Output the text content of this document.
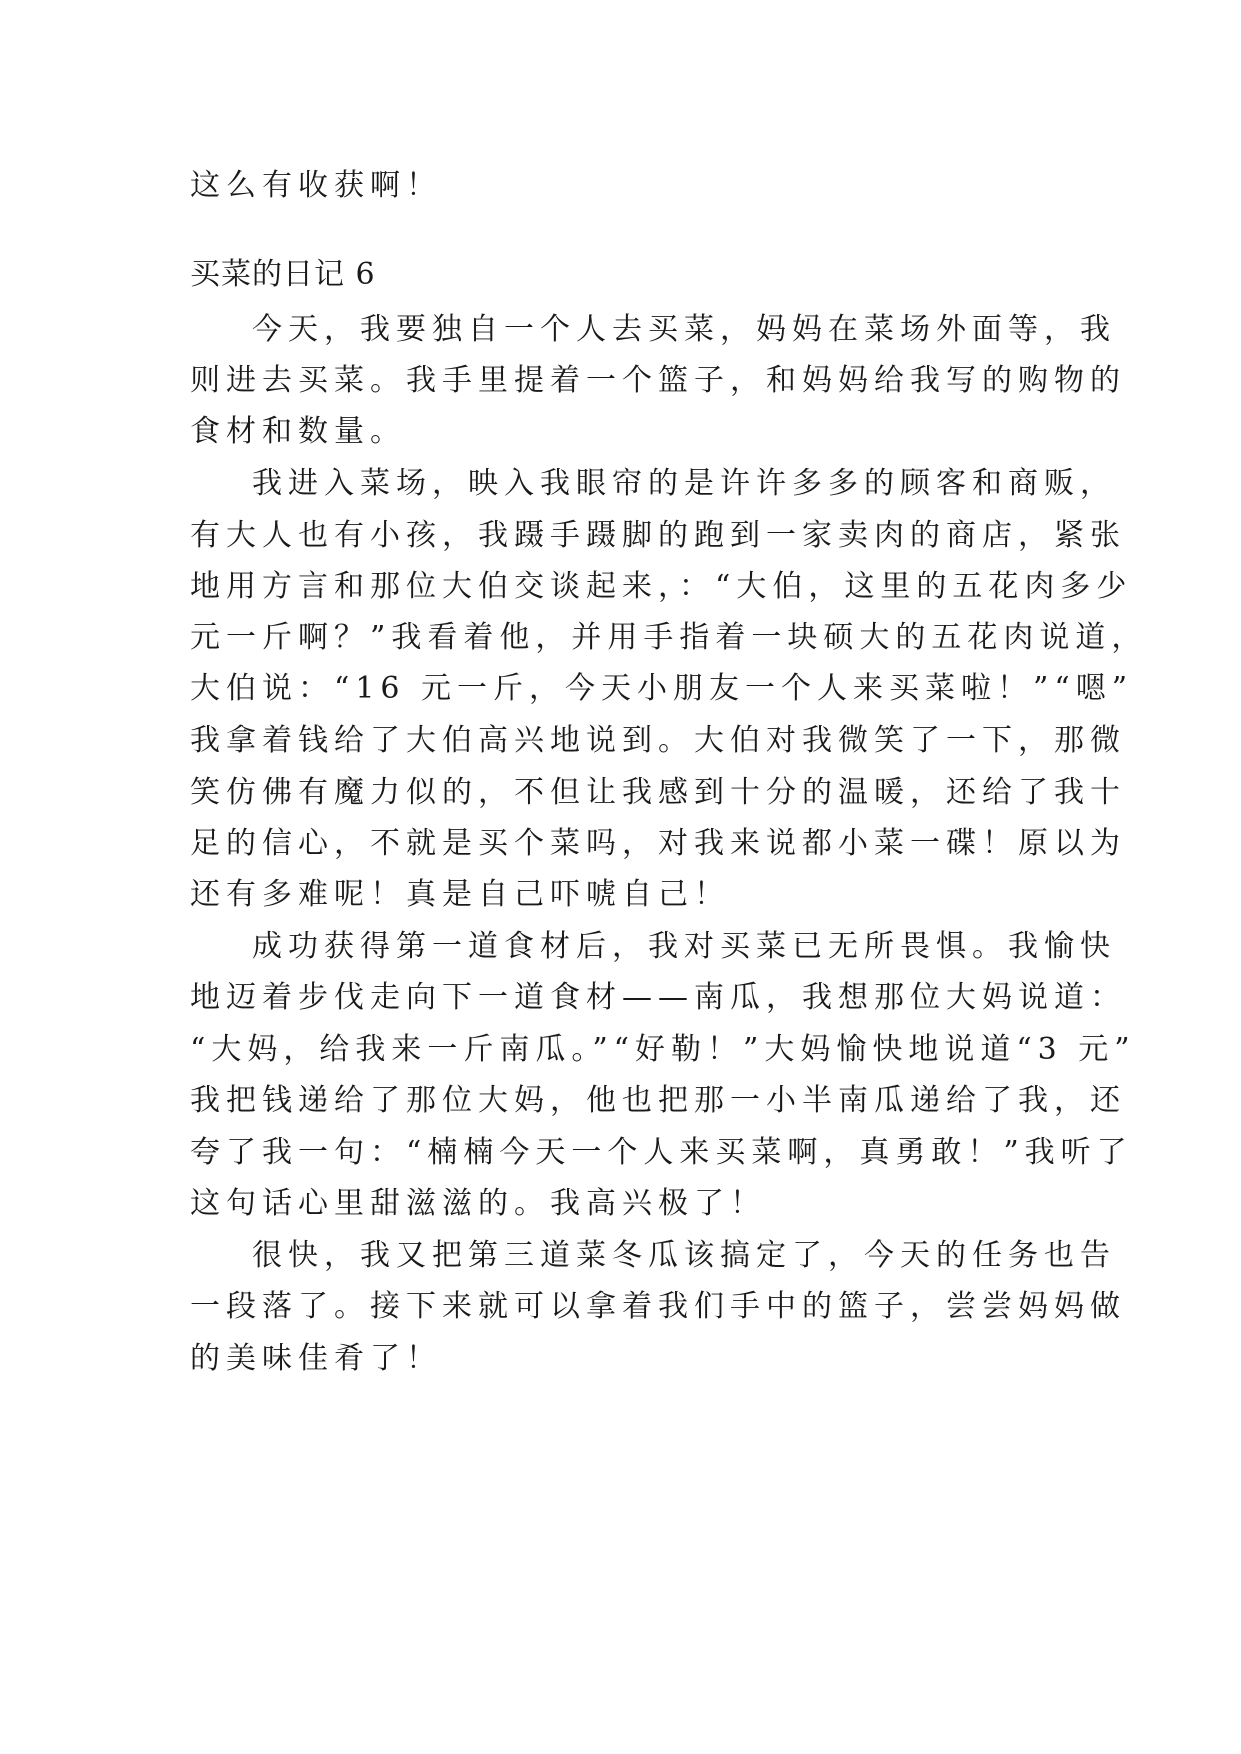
这么有收获啊！
买菜的日记 6
今天，我要独自一个人去买菜，妈妈在菜场外面等，我
则进去买菜。我手里提着一个篮子，和妈妈给我写的购物的
食材和数量。
我进入菜场，映入我眼帘的是许许多多的顾客和商贩，
有大人也有小孩，我蹑手蹑脚的跑到一家卖肉的商店，紧张
地用方言和那位大伯交谈起来，：“大伯，这里的五花肉多少
元一斤啊？”我看着他，并用手指着一块硕大的五花肉说道，
大伯说：“16 元一斤，今天小朋友一个人来买菜啦！”“嗯”
我拿着钱给了大伯高兴地说到。大伯对我微笑了一下，那微
笑仿佛有魔力似的，不但让我感到十分的温暖，还给了我十
足的信心，不就是买个菜吗，对我来说都小菜一碟！原以为
还有多难呢！真是自己吓唬自己！
成功获得第一道食材后，我对买菜已无所畏惧。我愉快
地迈着步伐走向下一道食材——南瓜，我想那位大妈说道：
“大妈，给我来一斤南瓜。”“好勒！”大妈愉快地说道“3 元”
我把钱递给了那位大妈，他也把那一小半南瓜递给了我，还
夸了我一句：“楠楠今天一个人来买菜啊，真勇敢！”我听了
这句话心里甜滋滋的。我高兴极了！
很快，我又把第三道菜冬瓜该搞定了，今天的任务也告
一段落了。接下来就可以拿着我们手中的篮子，尝尝妈妈做
的美味佳肴了！
